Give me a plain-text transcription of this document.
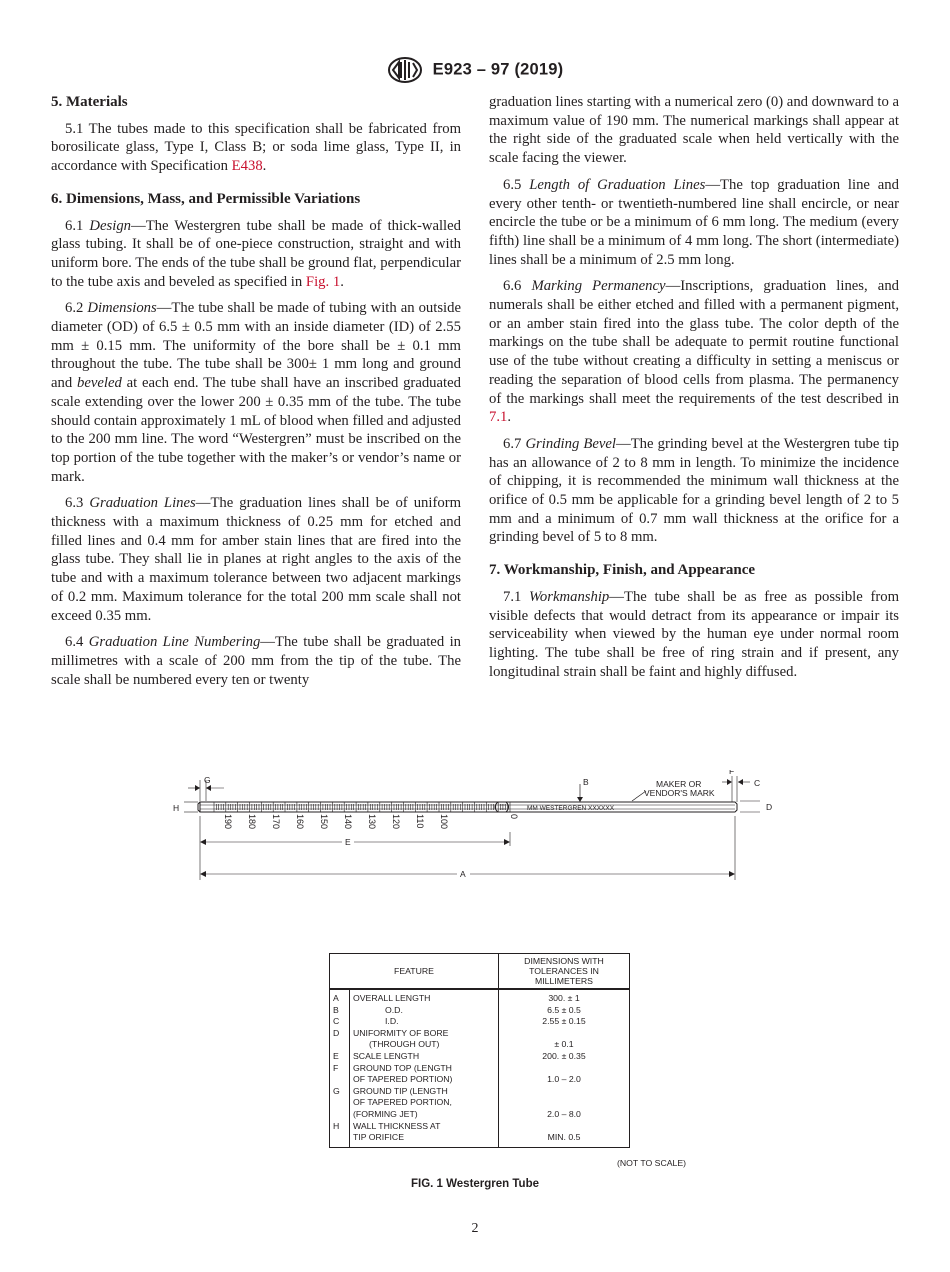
E923 – 97 (2019)
5. Materials

5.1 The tubes made to this specification shall be fabricated from borosilicate glass, Type I, Class B; or soda lime glass, Type II, in accordance with Specification E438.

6. Dimensions, Mass, and Permissible Variations

6.1 Design—The Westergren tube shall be made of thick-walled glass tubing. It shall be of one-piece construction, straight and with uniform bore. The ends of the tube shall be ground flat, perpendicular to the tube axis and beveled as specified in Fig. 1.

6.2 Dimensions—The tube shall be made of tubing with an outside diameter (OD) of 6.5 ± 0.5 mm with an inside diameter (ID) of 2.55 mm ± 0.15 mm. The uniformity of the bore shall be ± 0.1 mm throughout the tube. The tube shall be 300± 1 mm long and ground and beveled at each end. The tube shall have an inscribed graduated scale extending over the lower 200 ± 0.35 mm of the tube. The tube should contain approximately 1 mL of blood when filled and adjusted to the 200 mm line. The word “Westergren” must be inscribed on the top portion of the tube together with the maker’s or vendor’s name or mark.

6.3 Graduation Lines—The graduation lines shall be of uniform thickness with a maximum thickness of 0.25 mm for etched and filled lines and 0.4 mm for amber stain lines that are fired into the glass tube. They shall lie in planes at right angles to the axis of the tube and with a maximum tolerance between two adjacent markings of 0.2 mm. Maximum tolerance for the total 200 mm scale shall not exceed 0.35 mm.

6.4 Graduation Line Numbering—The tube shall be graduated in millimetres with a scale of 200 mm from the tip of the tube. The scale shall be numbered every ten or twenty

graduation lines starting with a numerical zero (0) and downward to a maximum value of 190 mm. The numerical markings shall appear at the right side of the graduated scale when held vertically with the scale facing the viewer.

6.5 Length of Graduation Lines—The top graduation line and every other tenth- or twentieth-numbered line shall encircle, or near encircle the tube or be a minimum of 6 mm long. The medium (every fifth) line shall be a minimum of 4 mm long. The short (intermediate) lines shall be a minimum of 2.5 mm long.

6.6 Marking Permanency—Inscriptions, graduation lines, and numerals shall be either etched and filled with a permanent pigment, or an amber stain fired into the glass tube. The color depth of the markings on the tube shall be adequate to permit routine functional use of the tube without creating a difficulty in setting a meniscus or reading the separation of blood cells from plasma. The permanency of the markings shall meet the requirements of the test described in 7.1.

6.7 Grinding Bevel—The grinding bevel at the Westergren tube tip has an allowance of 2 to 8 mm in length. To minimize the incidence of chipping, it is recommended the minimum wall thickness at the orifice of 0.5 mm be applicable for a grinding bevel length of 2 to 5 mm and a minimum of 0.7 mm wall thickness at the orifice for a grinding bevel of 5 to 8 mm.

7. Workmanship, Finish, and Appearance

7.1 Workmanship—The tube shall be as free as possible from visible defects that would detract from its appearance or impair its serviceability when viewed by the human eye under normal room lighting. The tube shall be free of ring strain and if present, any longitudinal strain shall be faint and highly diffused.

190 180 170 160 150 140 130 120 110 100	0
MM WESTERGREN XXXXXX
MAKER OR
VENDOR'S MARK
B
F
C
D
G
H
E
A
FEATURE		DIMENSIONS WITH
TOLERANCES IN MILLIMETERS
A	OVERALL LENGTH	300. ± 1
B	O.D.	6.5 ± 0.5
C	I.D.	2.55 ± 0.15
D	UNIFORMITY OF BORE
(THROUGH OUT)	± 0.1
E	SCALE LENGTH	200. ± 0.35
F	GROUND TOP (LENGTH
OF TAPERED PORTION)	1.0 – 2.0
G	GROUND TIP (LENGTH
OF TAPERED PORTION,
(FORMING JET)	2.0 – 8.0
H	WALL THICKNESS AT
TIP ORIFICE	MIN. 0.5
(NOT TO SCALE)
FIG. 1 Westergren Tube
2
